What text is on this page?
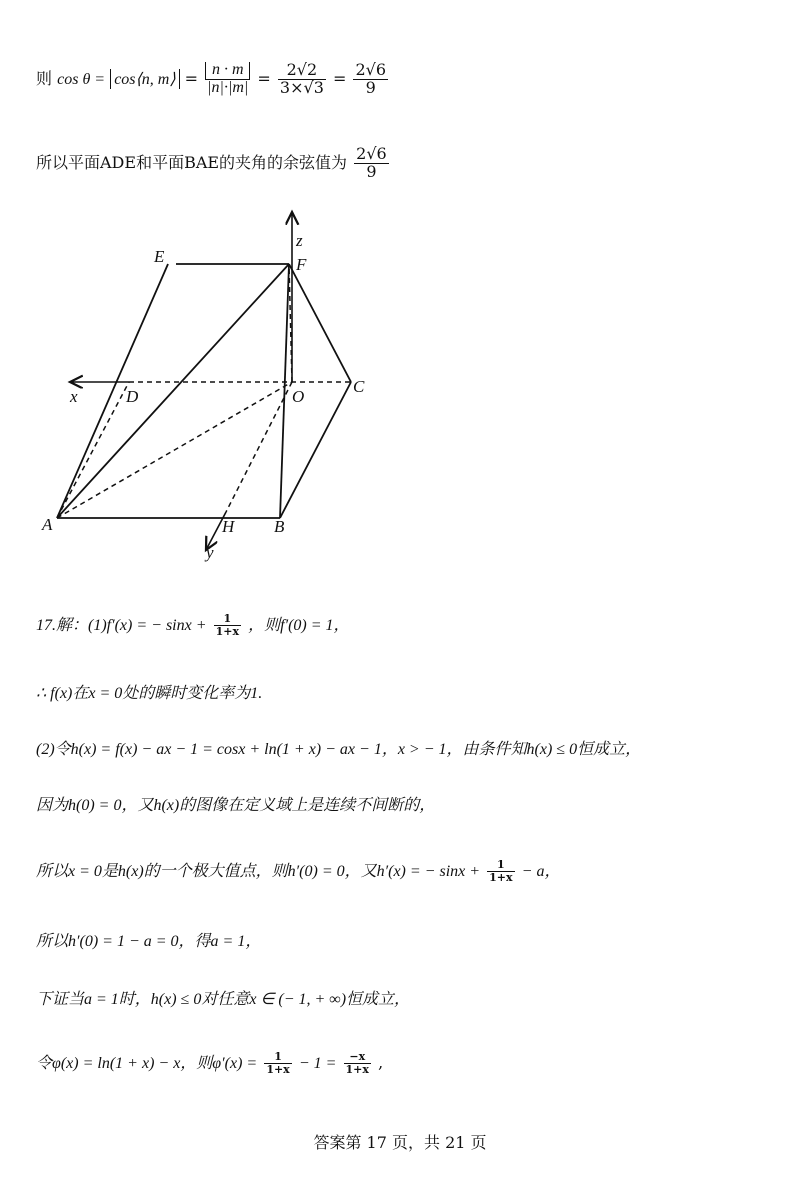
则 cos θ = cos⟨n, m⟩ = $\frac{n \cdot m}{|n|\cdot|m|} = \frac{2√2}{3\times√3} = \frac{2√6}{9}$
所以平面ADE和平面BAE的夹角的余弦值为 $\frac{2√6}{9}$
z
E	F
x	D	O
C
A	H B
y
17.解：(1)f′(x) = − $\sin x + \frac{1}{1+x}$ ，则f′(0) = 1，
∴ f(x)在x = 0处的瞬时变化率为1.
(2)令h(x) = f(x) − ax − 1 = cosx + ln(1 + x) − ax − 1，x > − 1，由条件知h(x) ≤ 0恒成立，
因为h(0) = 0，又h(x)的图像在定义域上是连续不间断的，
所以x = 0是h(x)的一个极大值点，则h′(0) = 0，又h′(x) = − $\sin x + \frac{1}{1+x} - a$，
所以h′(0) = 1 − a = 0，得a = 1，
下证当a = 1时，h(x) ≤ 0对任意x ∈ (− 1, + ∞)恒成立，
令φ(x) = ln(1 + x) − x，则$\varphi'(x) = \frac{1}{1+x} - 1 = \frac{-x}{1+x}$ ,
答案第 17 页，共 21 页
